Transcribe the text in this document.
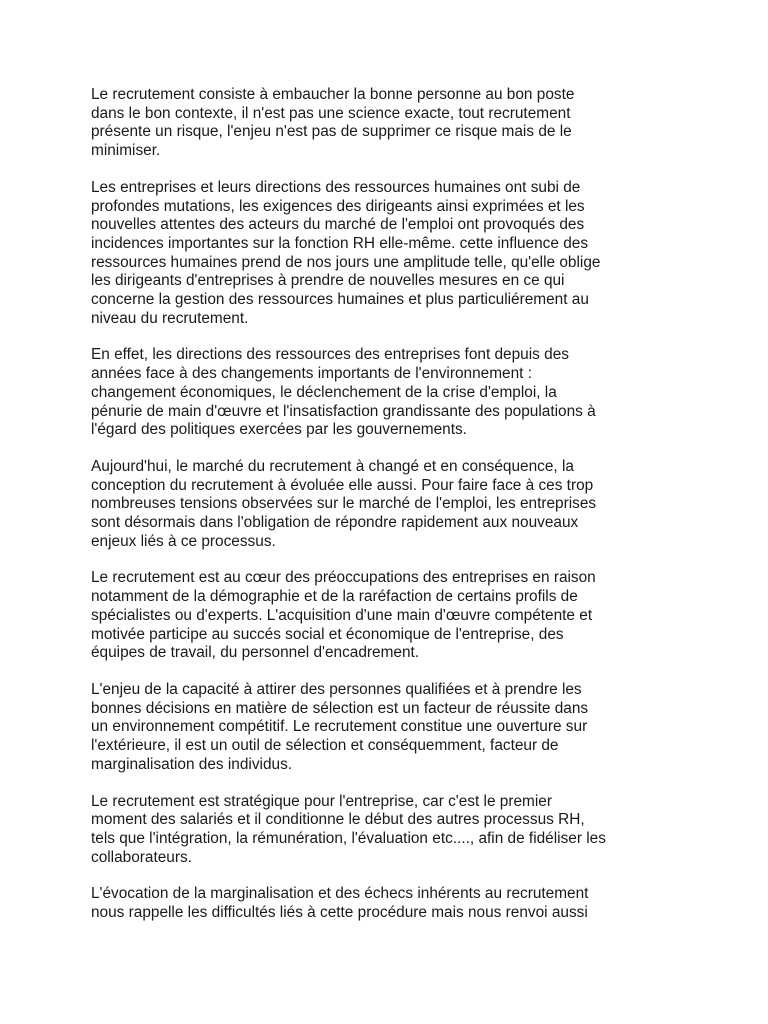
Le recrutement consiste à embaucher la bonne personne au bon poste
dans le bon contexte, il n'est pas une science exacte, tout recrutement
présente un risque, l'enjeu n'est pas de supprimer ce risque mais de le
minimiser.

Les entreprises et leurs directions des ressources humaines ont subi de
profondes mutations, les exigences des dirigeants ainsi exprimées et les
nouvelles attentes des acteurs du marché de l'emploi ont provoqués des
incidences importantes sur la fonction RH elle-même. cette influence des
ressources humaines prend de nos jours une amplitude telle, qu'elle oblige
les dirigeants d'entreprises à prendre de nouvelles mesures en ce qui
concerne la gestion des ressources humaines et plus particuliérement au
niveau du recrutement.

En effet, les directions des ressources des entreprises font depuis des
années face à des changements importants de l'environnement :
changement économiques, le déclenchement de la crise d'emploi, la
pénurie de main d'œuvre et l'insatisfaction grandissante des populations à
l'égard des politiques exercées par les gouvernements.

Aujourd'hui, le marché du recrutement à changé et en conséquence, la
conception du recrutement à évoluée elle aussi. Pour faire face à ces trop
nombreuses tensions observées sur le marché de l'emploi, les entreprises
sont désormais dans l'obligation de répondre rapidement aux nouveaux
enjeux liés à ce processus.

Le recrutement est au cœur des préoccupations des entreprises en raison
notamment de la démographie et de la raréfaction de certains profils de
spécialistes ou d'experts. L'acquisition d'une main d'œuvre compétente et
motivée participe au succés social et économique de l'entreprise, des
équipes de travail, du personnel d'encadrement.

L'enjeu de la capacité à attirer des personnes qualifiées et à prendre les
bonnes décisions en matière de sélection est un facteur de réussite dans
un environnement compétitif. Le recrutement constitue une ouverture sur
l'extérieure, il est un outil de sélection et conséquemment, facteur de
marginalisation des individus.

Le recrutement est stratégique pour l'entreprise, car c'est le premier
moment des salariés et il conditionne le début des autres processus RH,
tels que l'intégration, la rémunération, l'évaluation etc...., afin de fidéliser les
collaborateurs.

L'évocation de la marginalisation et des échecs inhérents au recrutement
nous rappelle les difficultés liés à cette procédure mais nous renvoi aussi
